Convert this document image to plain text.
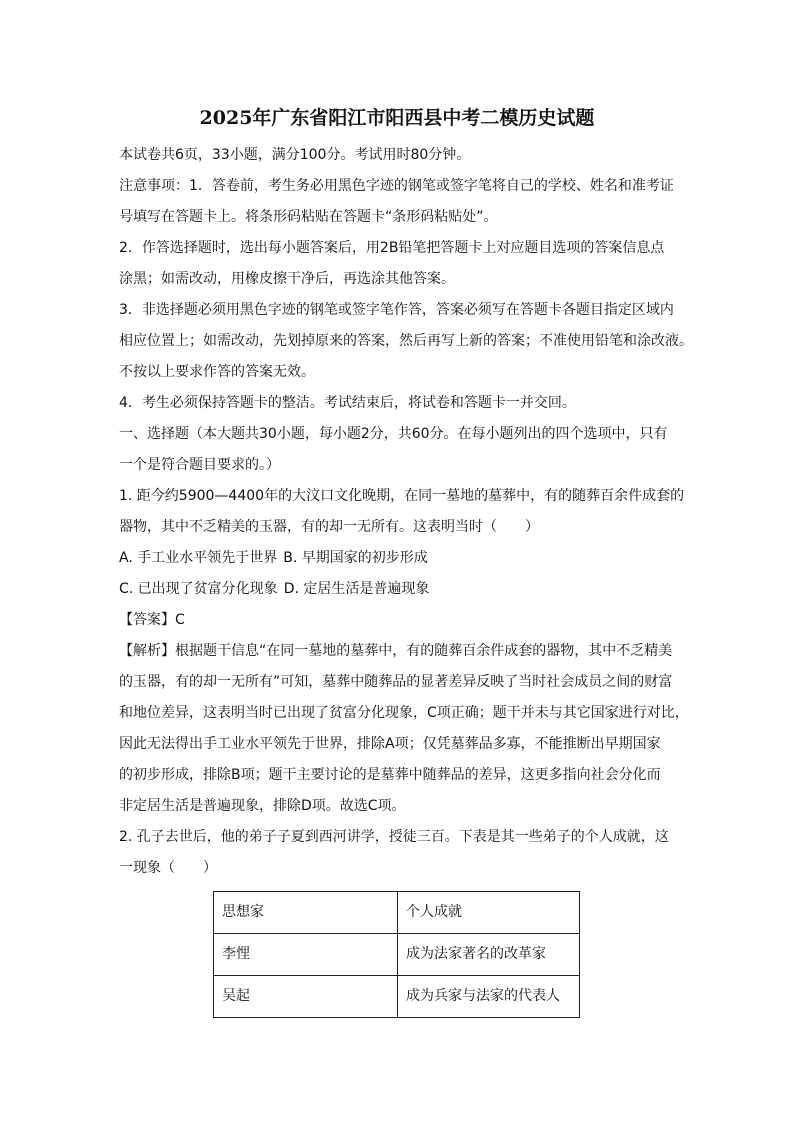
2025年广东省阳江市阳西县中考二模历史试题

本试卷共6页，33小题，满分100分。考试用时80分钟。

注意事项：1．答卷前，考生务必用黑色字迹的钢笔或签字笔将自己的学校、姓名和准考证

号填写在答题卡上。将条形码粘贴在答题卡“条形码粘贴处”。

2．作答选择题时，选出每小题答案后，用2B铅笔把答题卡上对应题目选项的答案信息点

涂黑；如需改动，用橡皮擦干净后，再选涂其他答案。

3．非选择题必须用黑色字迹的钢笔或签字笔作答，答案必须写在答题卡各题目指定区域内

相应位置上；如需改动，先划掉原来的答案，然后再写上新的答案；不准使用铅笔和涂改液。

不按以上要求作答的答案无效。

4．考生必须保持答题卡的整洁。考试结束后，将试卷和答题卡一并交回。

一、选择题（本大题共30小题，每小题2分，共60分。在每小题列出的四个选项中，只有

一个是符合题目要求的。）

1. 距今约5900—4400年的大汶口文化晚期，在同一墓地的墓葬中，有的随葬百余件成套的

器物，其中不乏精美的玉器，有的却一无所有。这表明当时（　　）

A. 手工业水平领先于世界 B. 早期国家的初步形成

C. 已出现了贫富分化现象 D. 定居生活是普遍现象

【答案】C

【解析】根据题干信息“在同一墓地的墓葬中，有的随葬百余件成套的器物，其中不乏精美

的玉器，有的却一无所有”可知，墓葬中随葬品的显著差异反映了当时社会成员之间的财富

和地位差异，这表明当时已出现了贫富分化现象，C项正确；题干并未与其它国家进行对比，

因此无法得出手工业水平领先于世界，排除A项；仅凭墓葬品多寡，不能推断出早期国家

的初步形成，排除B项；题干主要讨论的是墓葬中随葬品的差异，这更多指向社会分化而

非定居生活是普遍现象，排除D项。故选C项。

2. 孔子去世后，他的弟子子夏到西河讲学，授徒三百。下表是其一些弟子的个人成就，这

一现象（　　）

思想家	个人成就
李悝	成为法家著名的改革家
吴起	成为兵家与法家的代表人
